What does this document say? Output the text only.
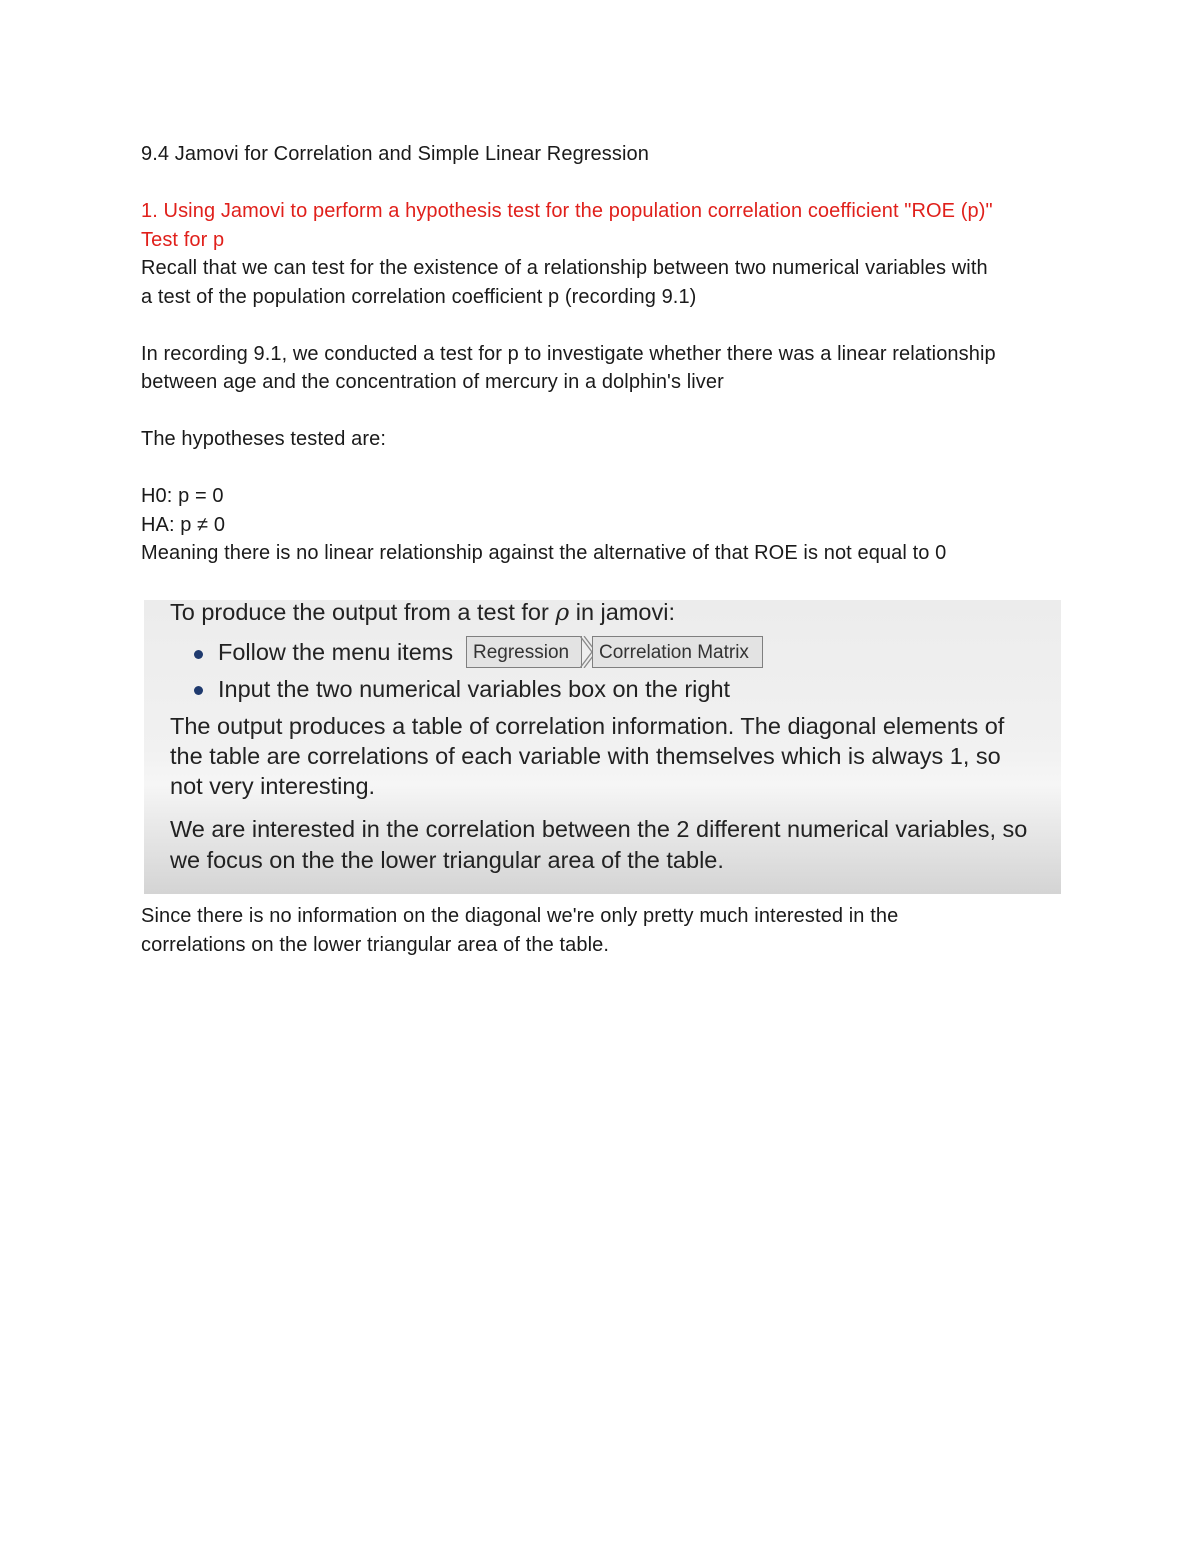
9.4 Jamovi for Correlation and Simple Linear Regression

1. Using Jamovi to perform a hypothesis test for the population correlation coefficient "ROE (p)"

Test for p

Recall that we can test for the existence of a relationship between two numerical variables with

a test of the population correlation coefficient p (recording 9.1)

In recording 9.1, we conducted a test for p to investigate whether there was a linear relationship

between age and the concentration of mercury in a dolphin's liver

The hypotheses tested are:

H0: p = 0

HA: p ≠ 0

Meaning there is no linear relationship against the alternative of that ROE is not equal to 0

To produce the output from a test for ρ in jamovi:
Follow the menu items	Regression	Correlation Matrix
Input the two numerical variables box on the right
The output produces a table of correlation information. The diagonal elements of
the table are correlations of each variable with themselves which is always 1, so
not very interesting.
We are interested in the correlation between the 2 different numerical variables, so
we focus on the the lower triangular area of the table.

Since there is no information on the diagonal we're only pretty much interested in the

correlations on the lower triangular area of the table.
